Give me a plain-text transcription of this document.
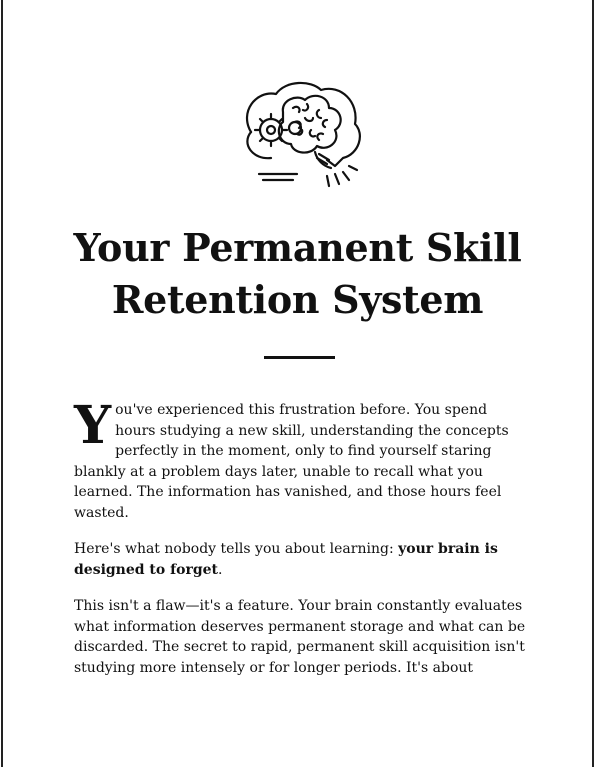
Your Permanent Skill Retention System

You've experienced this frustration before. You spend hours studying a new skill, understanding the concepts perfectly in the moment, only to find yourself staring blankly at a problem days later, unable to recall what you learned. The information has vanished, and those hours feel wasted.

Here's what nobody tells you about learning: your brain is designed to forget.

This isn't a flaw—it's a feature. Your brain constantly evaluates what information deserves permanent storage and what can be discarded. The secret to rapid, permanent skill acquisition isn't studying more intensely or for longer periods. It's about
